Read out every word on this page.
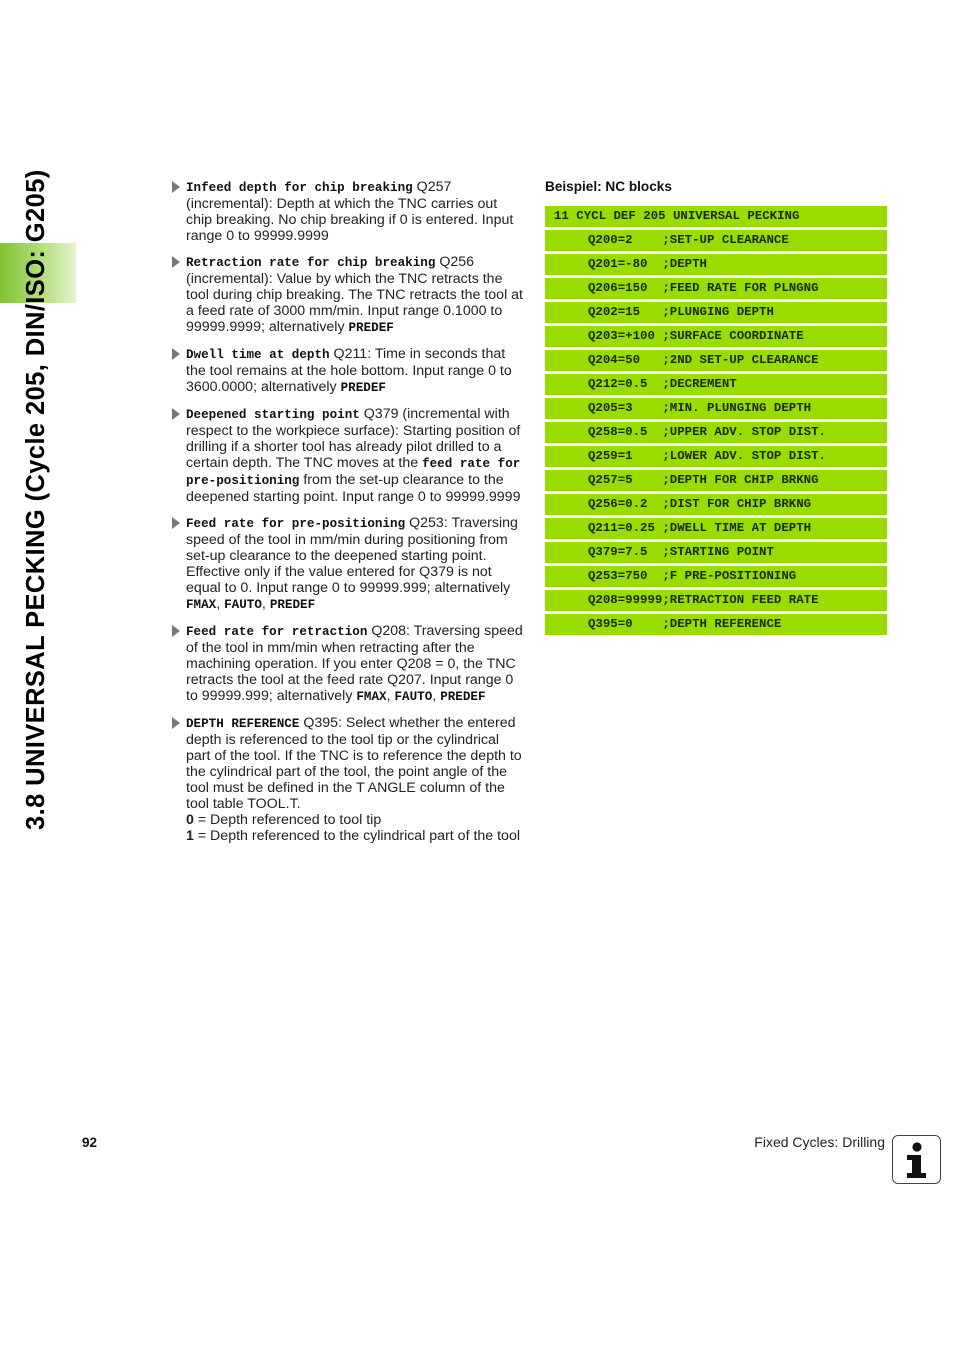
3.8 UNIVERSAL PECKING (Cycle 205, DIN/ISO: G205)	Infeed depth for chip breaking Q257 (incremental): Depth at which the TNC carries out chip breaking. No chip breaking if 0 is entered. Input range 0 to 99999.9999
Retraction rate for chip breaking Q256 (incremental): Value by which the TNC retracts the tool during chip breaking. The TNC retracts the tool at a feed rate of 3000 mm/min. Input range 0.1000 to 99999.9999; alternatively PREDEF
Dwell time at depth Q211: Time in seconds that the tool remains at the hole bottom. Input range 0 to 3600.0000; alternatively PREDEF
Deepened starting point Q379 (incremental with respect to the workpiece surface): Starting position of drilling if a shorter tool has already pilot drilled to a certain depth. The TNC moves at the feed rate for pre-positioning from the set-up clearance to the deepened starting point. Input range 0 to 99999.9999
Feed rate for pre-positioning Q253: Traversing speed of the tool in mm/min during positioning from set-up clearance to the deepened starting point. Effective only if the value entered for Q379 is not equal to 0. Input range 0 to 99999.999; alternatively FMAX, FAUTO, PREDEF
Feed rate for retraction Q208: Traversing speed of the tool in mm/min when retracting after the machining operation. If you enter Q208 = 0, the TNC retracts the tool at the feed rate Q207. Input range 0 to 99999.999; alternatively FMAX, FAUTO, PREDEF
DEPTH REFERENCE Q395: Select whether the entered depth is referenced to the tool tip or the cylindrical part of the tool. If the TNC is to reference the depth to the cylindrical part of the tool, the point angle of the tool must be defined in the T ANGLE column of the tool table TOOL.T.
0 = Depth referenced to tool tip
1 = Depth referenced to the cylindrical part of the tool
Beispiel: NC blocks
11 CYCL DEF 205 UNIVERSAL PECKING
Q200=2    ;SET-UP CLEARANCE
Q201=-80  ;DEPTH
Q206=150  ;FEED RATE FOR PLNGNG
Q202=15   ;PLUNGING DEPTH
Q203=+100 ;SURFACE COORDINATE
Q204=50   ;2ND SET-UP CLEARANCE
Q212=0.5  ;DECREMENT
Q205=3    ;MIN. PLUNGING DEPTH
Q258=0.5  ;UPPER ADV. STOP DIST.
Q259=1    ;LOWER ADV. STOP DIST.
Q257=5    ;DEPTH FOR CHIP BRKNG
Q256=0.2  ;DIST FOR CHIP BRKNG
Q211=0.25 ;DWELL TIME AT DEPTH
Q379=7.5  ;STARTING POINT
Q253=750  ;F PRE-POSITIONING
Q208=99999;RETRACTION FEED RATE
Q395=0    ;DEPTH REFERENCE
92	Fixed Cycles: Drilling
